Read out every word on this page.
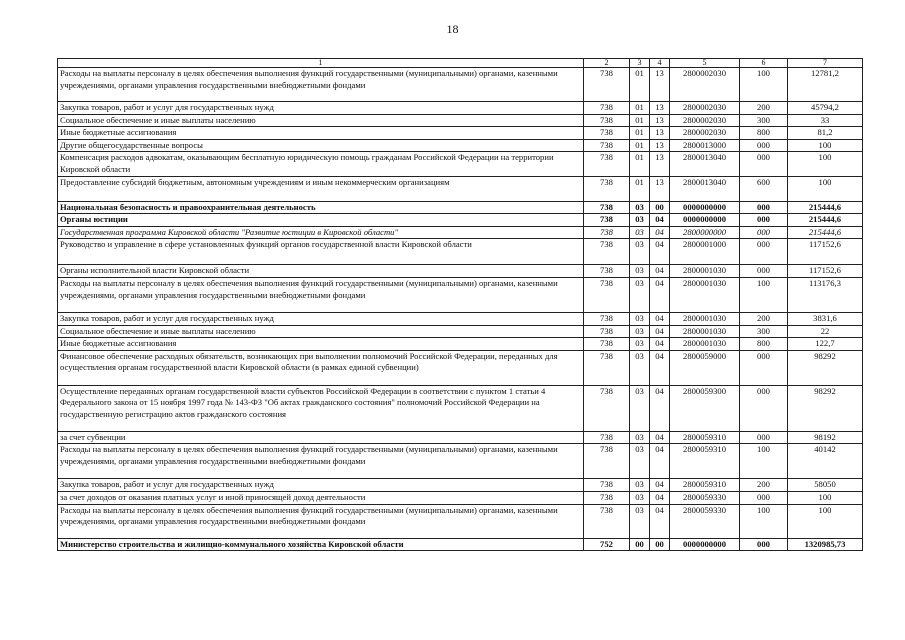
18
1	2	3	4	5	6	7
Расходы на выплаты персоналу в целях обеспечения выполнения функций государственными (муниципальными) органами, казенными учреждениями, органами управления государственными внебюджетными фондами	738	01	13	2800002030	100	12781,2
Закупка товаров, работ и услуг для государственных нужд	738	01	13	2800002030	200	45794,2
Социальное обеспечение и иные выплаты населению	738	01	13	2800002030	300	33
Иные бюджетные ассигнования	738	01	13	2800002030	800	81,2
Другие общегосударственные вопросы	738	01	13	2800013000	000	100
Компенсация расходов адвокатам, оказывающим бесплатную юридическую помощь гражданам Российской Федерации на территории Кировской области	738	01	13	2800013040	000	100
Предоставление субсидий бюджетным, автономным учреждениям и иным некоммерческим организациям	738	01	13	2800013040	600	100
Национальная безопасность и правоохранительная деятельность	738	03	00	0000000000	000	215444,6
Органы юстиции	738	03	04	0000000000	000	215444,6
Государственная программа Кировской области "Развитие юстиции в Кировской области"	738	03	04	2800000000	000	215444,6
Руководство и управление в сфере установленных функций органов государственной власти Кировской области	738	03	04	2800001000	000	117152,6
Органы исполнительной власти Кировской области	738	03	04	2800001030	000	117152,6
Расходы на выплаты персоналу в целях обеспечения выполнения функций государственными (муниципальными) органами, казенными учреждениями, органами управления государственными внебюджетными фондами	738	03	04	2800001030	100	113176,3
Закупка товаров, работ и услуг для государственных нужд	738	03	04	2800001030	200	3831,6
Социальное обеспечение и иные выплаты населению	738	03	04	2800001030	300	22
Иные бюджетные ассигнования	738	03	04	2800001030	800	122,7
Финансовое обеспечение расходных обязательств, возникающих при выполнении полномочий Российской Федерации, переданных для осуществления органам государственной власти Кировской области (в рамках единой субвенции)	738	03	04	2800059000	000	98292
Осуществление переданных органам государственной власти субъектов Российской Федерации в соответствии с пунктом 1 статьи 4 Федерального закона от 15 ноября 1997 года № 143-ФЗ "Об актах гражданского состояния" полномочий Российской Федерации на государственную регистрацию актов гражданского состояния	738	03	04	2800059300	000	98292
за счет субвенции	738	03	04	2800059310	000	98192
Расходы на выплаты персоналу в целях обеспечения выполнения функций государственными (муниципальными) органами, казенными учреждениями, органами управления государственными внебюджетными фондами	738	03	04	2800059310	100	40142
Закупка товаров, работ и услуг для государственных нужд	738	03	04	2800059310	200	58050
за счет доходов от оказания платных услуг и иной приносящей доход деятельности	738	03	04	2800059330	000	100
Расходы на выплаты персоналу в целях обеспечения выполнения функций государственными (муниципальными) органами, казенными учреждениями, органами управления государственными внебюджетными фондами	738	03	04	2800059330	100	100
Министерство строительства и жилищно-коммунального хозяйства Кировской области	752	00	00	0000000000	000	1320985,73
